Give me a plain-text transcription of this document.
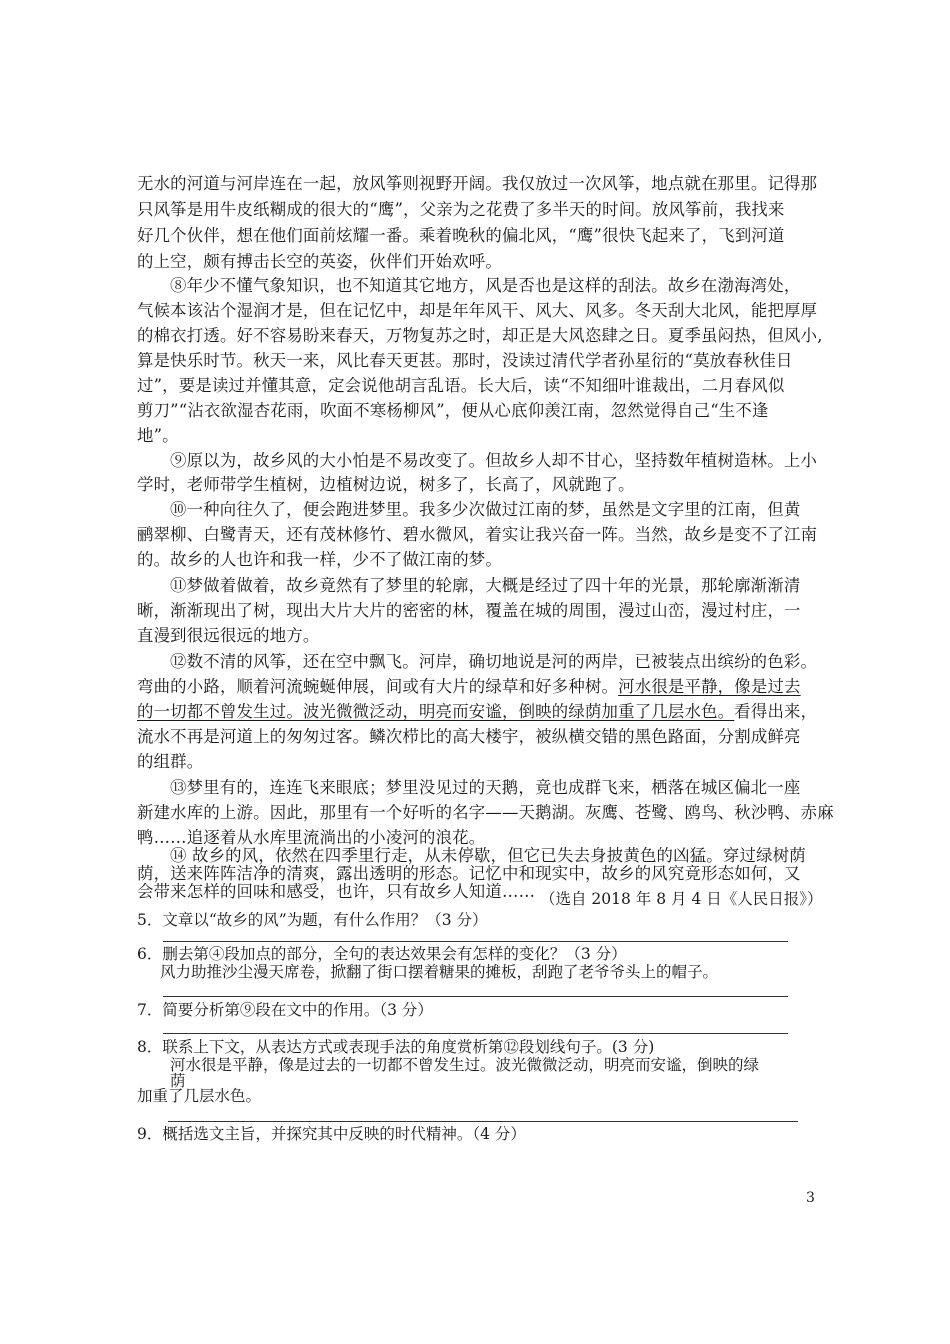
无水的河道与河岸连在一起，放风筝则视野开阔。我仅放过一次风筝，地点就在那里。记得那
只风筝是用牛皮纸糊成的很大的“鹰”，父亲为之花费了多半天的时间。放风筝前，我找来
好几个伙伴，想在他们面前炫耀一番。乘着晚秋的偏北风，“鹰”很快飞起来了，飞到河道
的上空，颇有搏击长空的英姿，伙伴们开始欢呼。
⑧年少不懂气象知识，也不知道其它地方，风是否也是这样的刮法。故乡在渤海湾处，
气候本该沾个湿润才是，但在记忆中，却是年年风干、风大、风多。冬天刮大北风，能把厚厚
的棉衣打透。好不容易盼来春天，万物复苏之时，却正是大风恣肆之日。夏季虽闷热，但风小,
算是快乐时节。秋天一来，风比春天更甚。那时，没读过清代学者孙星衍的“莫放春秋佳日
过”，要是读过并懂其意，定会说他胡言乱语。长大后，读“不知细叶谁裁出，二月春风似
剪刀”“沾衣欲湿杏花雨，吹面不寒杨柳风”，便从心底仰羡江南，忽然觉得自己“生不逢
地”。
⑨原以为，故乡风的大小怕是不易改变了。但故乡人却不甘心，坚持数年植树造林。上小
学时，老师带学生植树，边植树边说，树多了，长高了，风就跑了。
⑩一种向往久了，便会跑进梦里。我多少次做过江南的梦，虽然是文字里的江南，但黄
鹂翠柳、白鹭青天，还有茂林修竹、碧水微风，着实让我兴奋一阵。当然，故乡是变不了江南
的。故乡的人也许和我一样，少不了做江南的梦。
⑪梦做着做着，故乡竟然有了梦里的轮廓，大概是经过了四十年的光景，那轮廓渐渐清
晰，渐渐现出了树，现出大片大片的密密的林，覆盖在城的周围，漫过山峦，漫过村庄，一
直漫到很远很远的地方。
⑫数不清的风筝，还在空中飘飞。河岸，确切地说是河的两岸，已被装点出缤纷的色彩。
弯曲的小路，顺着河流蜿蜒伸展，间或有大片的绿草和好多种树。河水很是平静，像是过去
的一切都不曾发生过。波光微微泛动，明亮而安谧，倒映的绿荫加重了几层水色。看得出来，
流水不再是河道上的匆匆过客。鳞次栉比的高大楼宇，被纵横交错的黑色路面，分割成鲜亮
的组群。
⑬梦里有的，连连飞来眼底；梦里没见过的天鹅，竟也成群飞来，栖落在城区偏北一座
新建水库的上游。因此，那里有一个好听的名字——天鹅湖。灰鹰、苍鹭、鸥鸟、秋沙鸭、赤麻
鸭……追逐着从水库里流淌出的小凌河的浪花。
⑭ 故乡的风，依然在四季里行走，从未停歇，但它已失去身披黄色的凶猛。穿过绿树荫
荫，送来阵阵洁净的清爽，露出透明的形态。记忆中和现实中，故乡的风究竟形态如何，又
会带来怎样的回味和感受，也许，只有故乡人知道…… （选自 2018 年 8 月 4 日《人民日报》）
5．文章以“故乡的风”为题，有什么作用？（3 分）
6．删去第④段加点的部分，全句的表达效果会有怎样的变化？（3 分）
风力助推沙尘漫天席卷，掀翻了街口摆着糖果的摊板，刮跑了老爷爷头上的帽子。
7．简要分析第⑨段在文中的作用。（3 分）
8．联系上下文，从表达方式或表现手法的角度赏析第⑫段划线句子。(3 分)
河水很是平静，像是过去的一切都不曾发生过。波光微微泛动，明亮而安谧，倒映的绿
荫
加重了几层水色。
9．概括选文主旨，并探究其中反映的时代精神。（4 分）
3
